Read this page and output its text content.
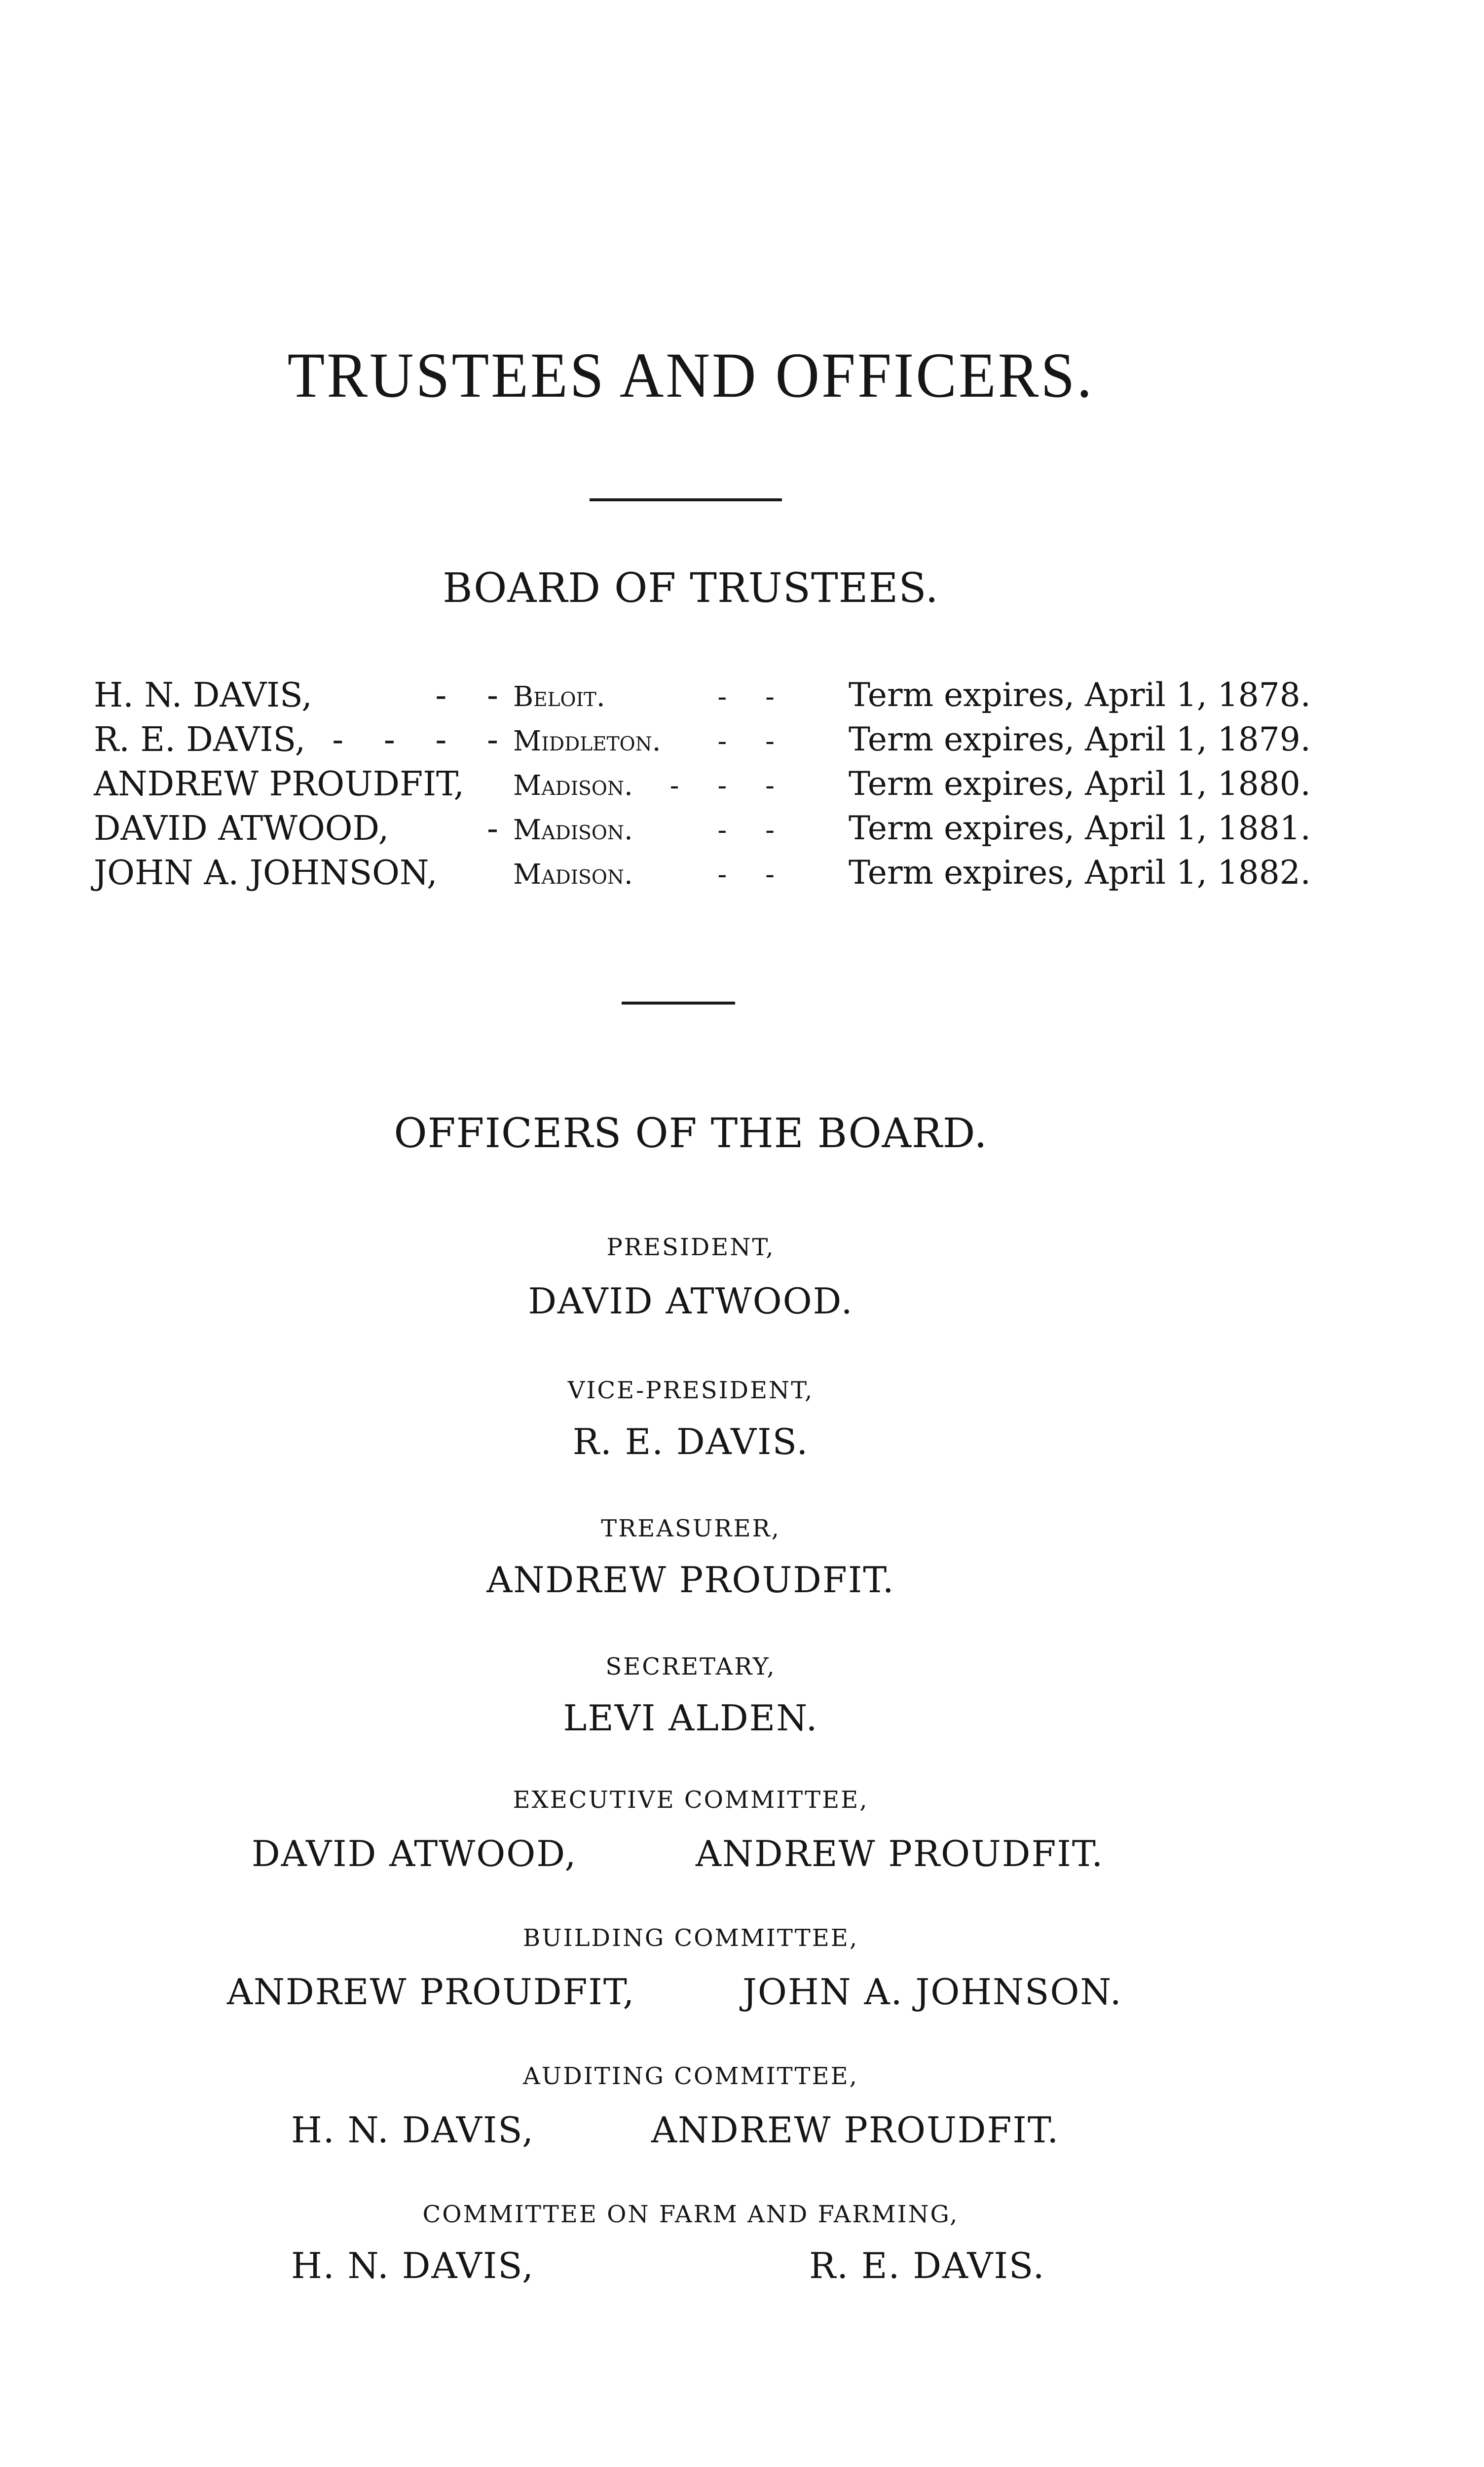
TRUSTEES AND OFFICERS.
BOARD OF TRUSTEES.
H. N. DAVIS,	- - Beloit.	- - Term expires, April 1, 1878.
R. E. DAVIS, - - - - Middleton. - - Term expires, April 1, 1879.
ANDREW PROUDFIT, Madison. - - - Term expires, April 1, 1880.
DAVID ATWOOD,	- Madison.	- - Term expires, April 1, 1881.
JOHN A. JOHNSON,	Madison.	- - Term expires, April 1, 1882.
OFFICERS OF THE BOARD.
PRESIDENT,
DAVID ATWOOD.
VICE-PRESIDENT,
R. E. DAVIS.
TREASURER,
ANDREW PROUDFIT.
SECRETARY,
LEVI ALDEN.
EXECUTIVE COMMITTEE,
DAVID ATWOOD,	ANDREW PROUDFIT.
BUILDING COMMITTEE,
ANDREW PROUDFIT,	JOHN A. JOHNSON.
AUDITING COMMITTEE,
H. N. DAVIS,	ANDREW PROUDFIT.
COMMITTEE ON FARM AND FARMING,
H. N. DAVIS,	R. E. DAVIS.
